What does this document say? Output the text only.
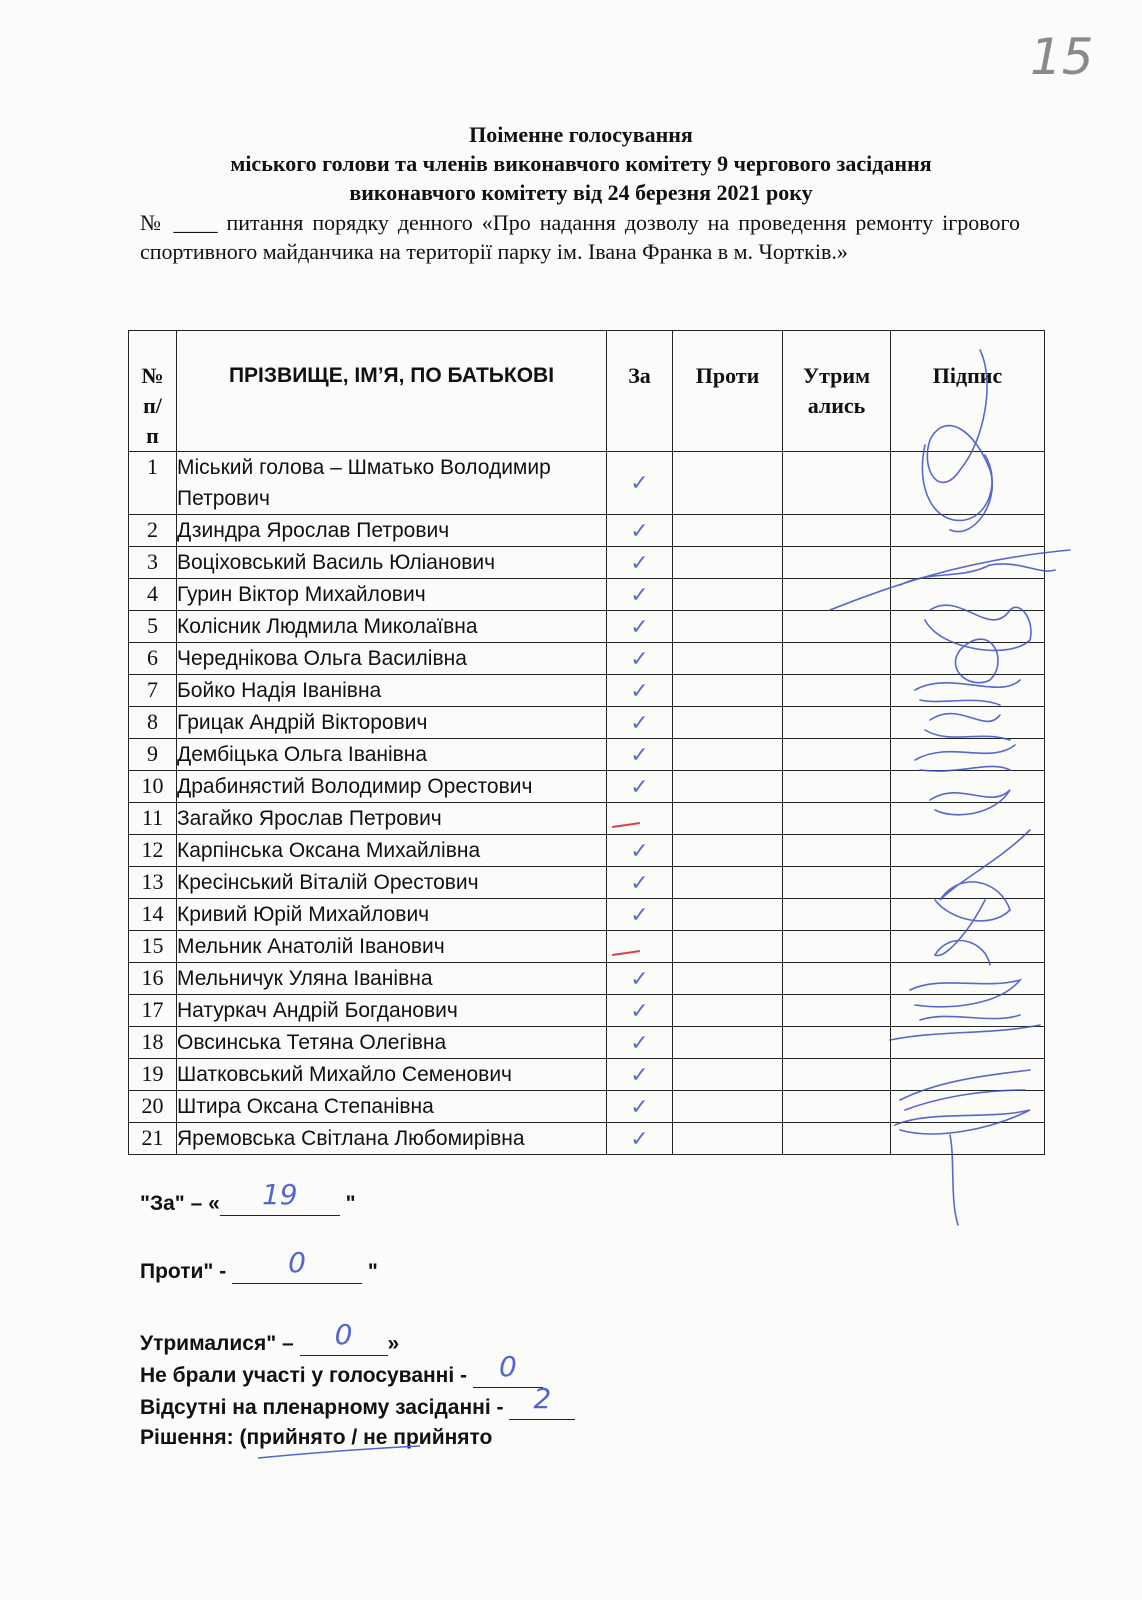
15
Поіменне голосування
міського голови та членів виконавчого комітету 9 чергового засідання
виконавчого комітету від 24 березня 2021 року
№ ____ питання порядку денного «Про надання дозволу на проведення ремонту ігрового спортивного майданчика на території парку ім. Івана Франка в м. Чортків.»
№ п/п	ПРІЗВИЩЕ, ІМ’Я, ПО БАТЬКОВІ	За	Проти	Утрим ались	Підпис
1	Міський голова – Шматько Володимир Петрович	✓			
2	Дзиндра Ярослав Петрович	✓			
3	Воціховський Василь Юліанович	✓			
4	Гурин Віктор Михайлович	✓			
5	Колісник Людмила Миколаївна	✓			
6	Череднікова Ольга Василівна	✓			
7	Бойко Надія Іванівна	✓			
8	Грицак Андрій Вікторович	✓			
9	Дембіцька Ольга Іванівна	✓			
10	Драбинястий Володимир Орестович	✓			
11	Загайко Ярослав Петрович				
12	Карпінська Оксана Михайлівна	✓			
13	Кресінський Віталій Орестович	✓			
14	Кривий Юрій Михайлович	✓			
15	Мельник Анатолій Іванович				
16	Мельничук Уляна Іванівна	✓			
17	Натуркач Андрій Богданович	✓			
18	Овсинська Тетяна Олегівна	✓			
19	Шатковський Михайло Семенович	✓			
20	Штира Оксана Степанівна	✓			
21	Яремовська Світлана Любомирівна	✓			
"За" – « 19 "
Проти" - 0	"
Утрималися" – 0 »
Не брали участі у голосуванні - 0
Відсутні на пленарному засіданні - 2
Рішення: (прийнято / не прийнято
